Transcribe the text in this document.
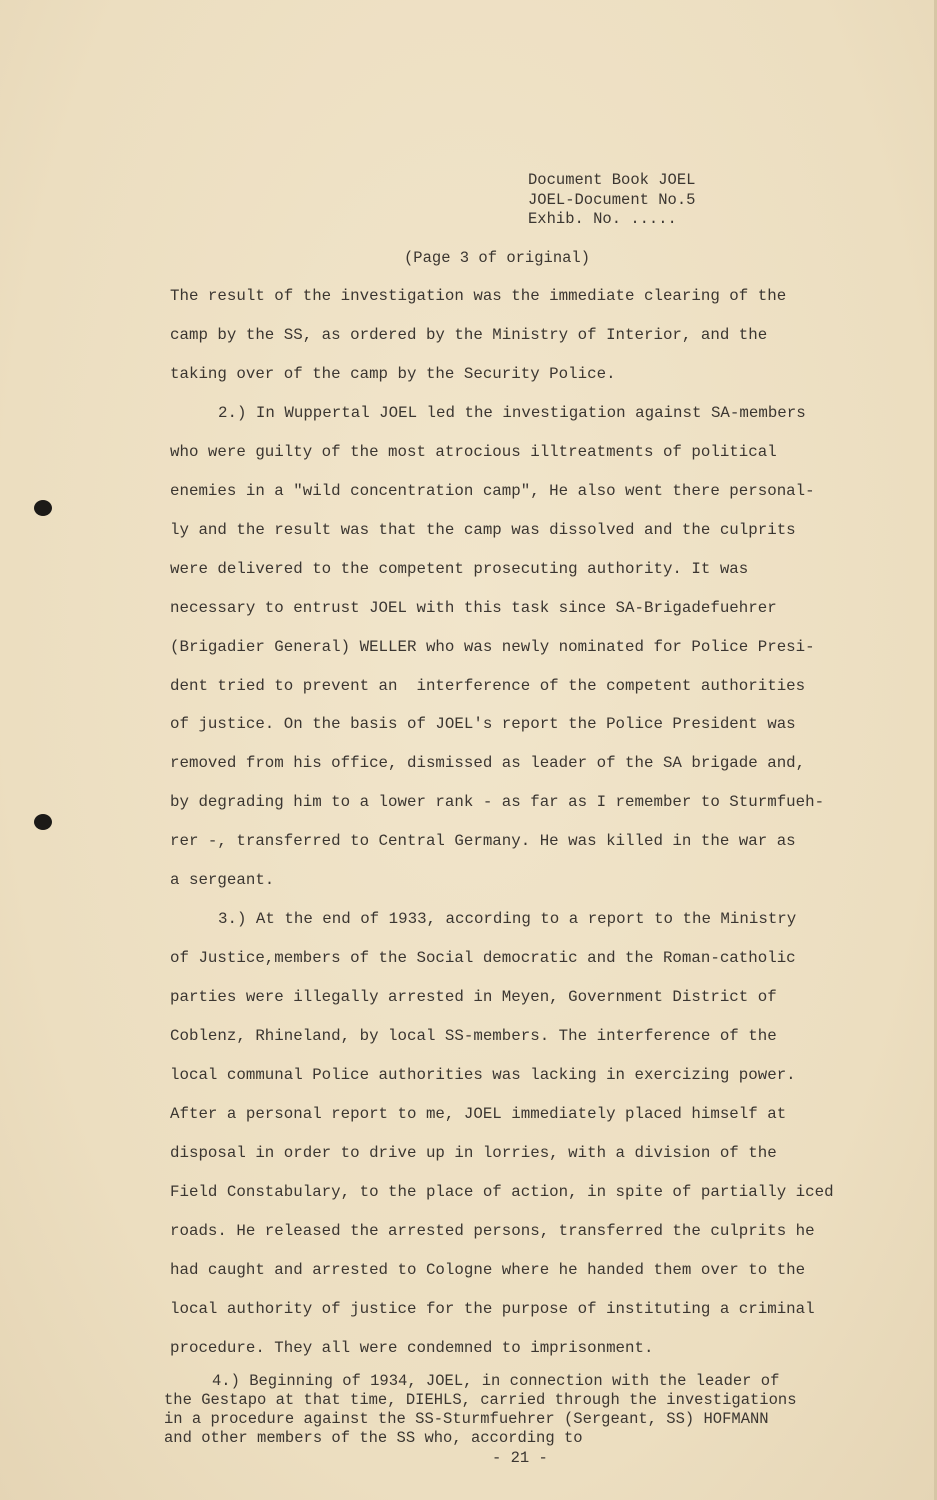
Document Book JOEL
JOEL-Document No.5
Exhib. No. .....
(Page 3 of original)
The result of the investigation was the immediate clearing of the
camp by the SS, as ordered by the Ministry of Interior, and the
taking over of the camp by the Security Police.
2.) In Wuppertal JOEL led the investigation against SA-members
who were guilty of the most atrocious illtreatments of political
enemies in a "wild concentration camp", He also went there personal-
ly and the result was that the camp was dissolved and the culprits
were delivered to the competent prosecuting authority. It was
necessary to entrust JOEL with this task since SA-Brigadefuehrer
(Brigadier General) WELLER who was newly nominated for Police Presi-
dent tried to prevent an  interference of the competent authorities
of justice. On the basis of JOEL's report the Police President was
removed from his office, dismissed as leader of the SA brigade and,
by degrading him to a lower rank - as far as I remember to Sturmfueh-
rer -, transferred to Central Germany. He was killed in the war as
a sergeant.
3.) At the end of 1933, according to a report to the Ministry
of Justice,members of the Social democratic and the Roman-catholic
parties were illegally arrested in Meyen, Government District of
Coblenz, Rhineland, by local SS-members. The interference of the
local communal Police authorities was lacking in exercizing power.
After a personal report to me, JOEL immediately placed himself at
disposal in order to drive up in lorries, with a division of the
Field Constabulary, to the place of action, in spite of partially iced
roads. He released the arrested persons, transferred the culprits he
had caught and arrested to Cologne where he handed them over to the
local authority of justice for the purpose of instituting a criminal
procedure. They all were condemned to imprisonment.
4.) Beginning of 1934, JOEL, in connection with the leader of
the Gestapo at that time, DIEHLS, carried through the investigations
in a procedure against the SS-Sturmfuehrer (Sergeant, SS) HOFMANN
and other members of the SS who, according to
- 21 -
